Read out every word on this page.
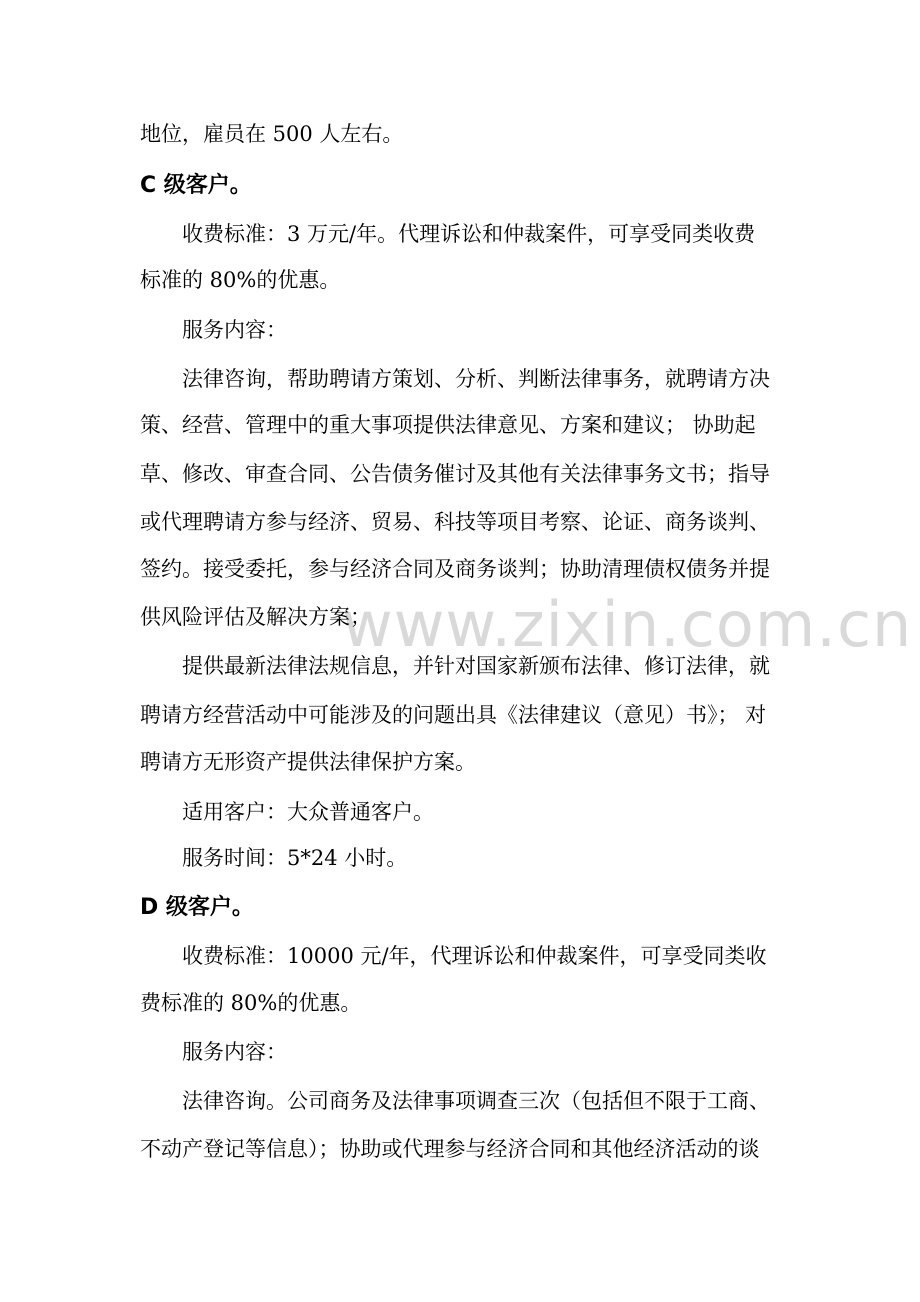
www.zixin.com.cn
地位，雇员在 500 人左右。
C 级客户。
收费标准：3 万元/年。代理诉讼和仲裁案件，可享受同类收费
标准的 80%的优惠。
服务内容：
法律咨询，帮助聘请方策划、分析、判断法律事务，就聘请方决
策、经营、管理中的重大事项提供法律意见、方案和建议； 协助起
草、修改、审查合同、公告债务催讨及其他有关法律事务文书；指导
或代理聘请方参与经济、贸易、科技等项目考察、论证、商务谈判、
签约。接受委托，参与经济合同及商务谈判；协助清理债权债务并提
供风险评估及解决方案；
提供最新法律法规信息，并针对国家新颁布法律、修订法律，就
聘请方经营活动中可能涉及的问题出具《法律建议（意见）书》； 对
聘请方无形资产提供法律保护方案。
适用客户：大众普通客户。
服务时间：5*24 小时。
D 级客户。
收费标准：10000 元/年，代理诉讼和仲裁案件，可享受同类收
费标准的 80%的优惠。
服务内容：
法律咨询。公司商务及法律事项调查三次（包括但不限于工商、
不动产登记等信息）；协助或代理参与经济合同和其他经济活动的谈
